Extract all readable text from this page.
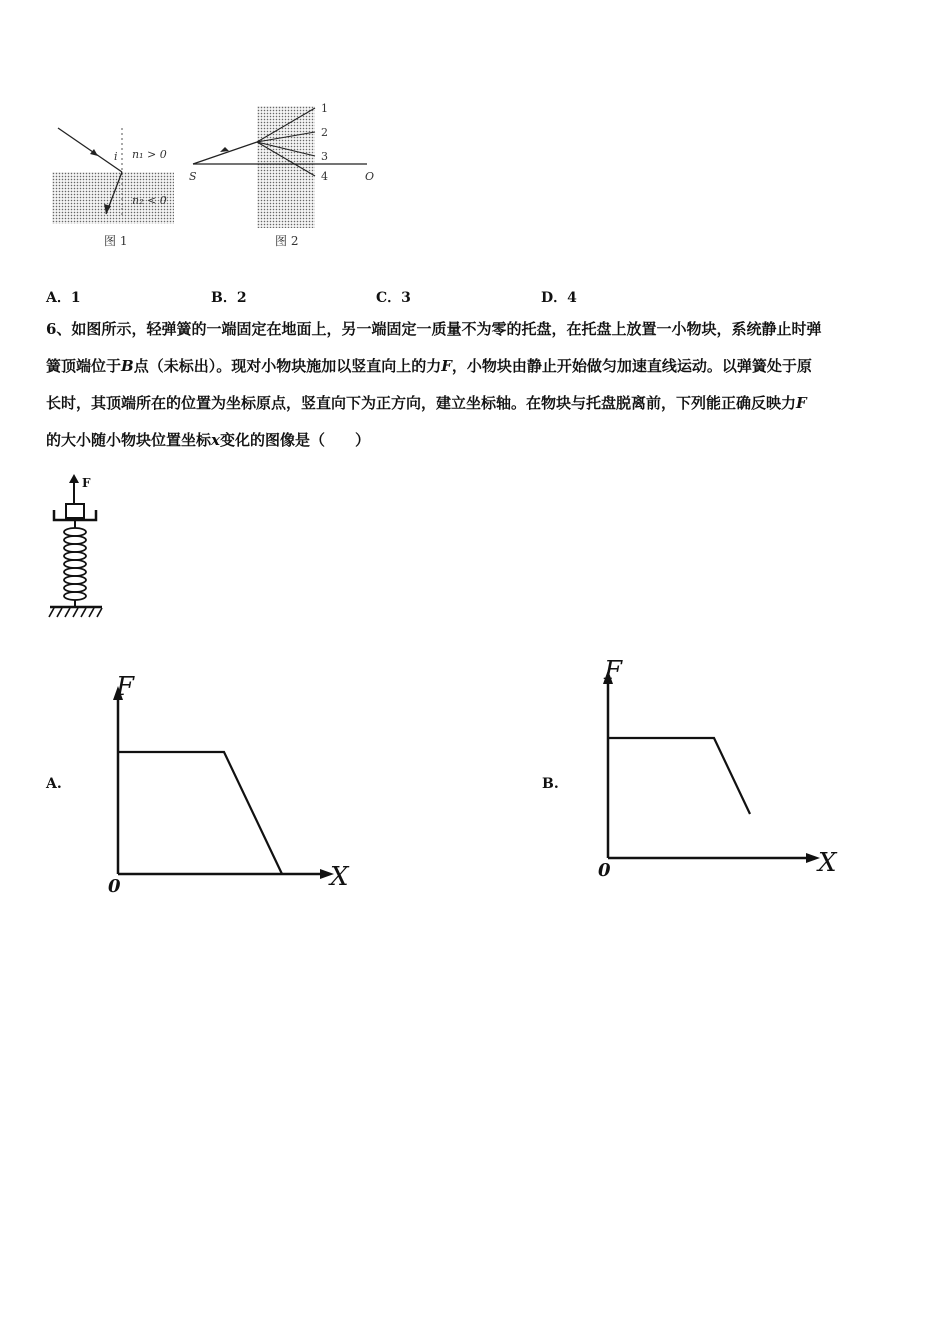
i n₁ > 0
n₂ < 0
图 1
1
2
3
4
S	O
图 2
A．1	B．2	C．3	D．4
6、如图所示，轻弹簧的一端固定在地面上，另一端固定一质量不为零的托盘，在托盘上放置一小物块，系统静止时弹
簧顶端位于B点（未标出）。现对小物块施加以竖直向上的力F，小物块由静止开始做匀加速直线运动。以弹簧处于原
长时，其顶端所在的位置为坐标原点，竖直向下为正方向，建立坐标轴。在物块与托盘脱离前，下列能正确反映力F
的大小随小物块位置坐标x变化的图像是（　　）
F
A.
F
X
0
B.
F
X
0
